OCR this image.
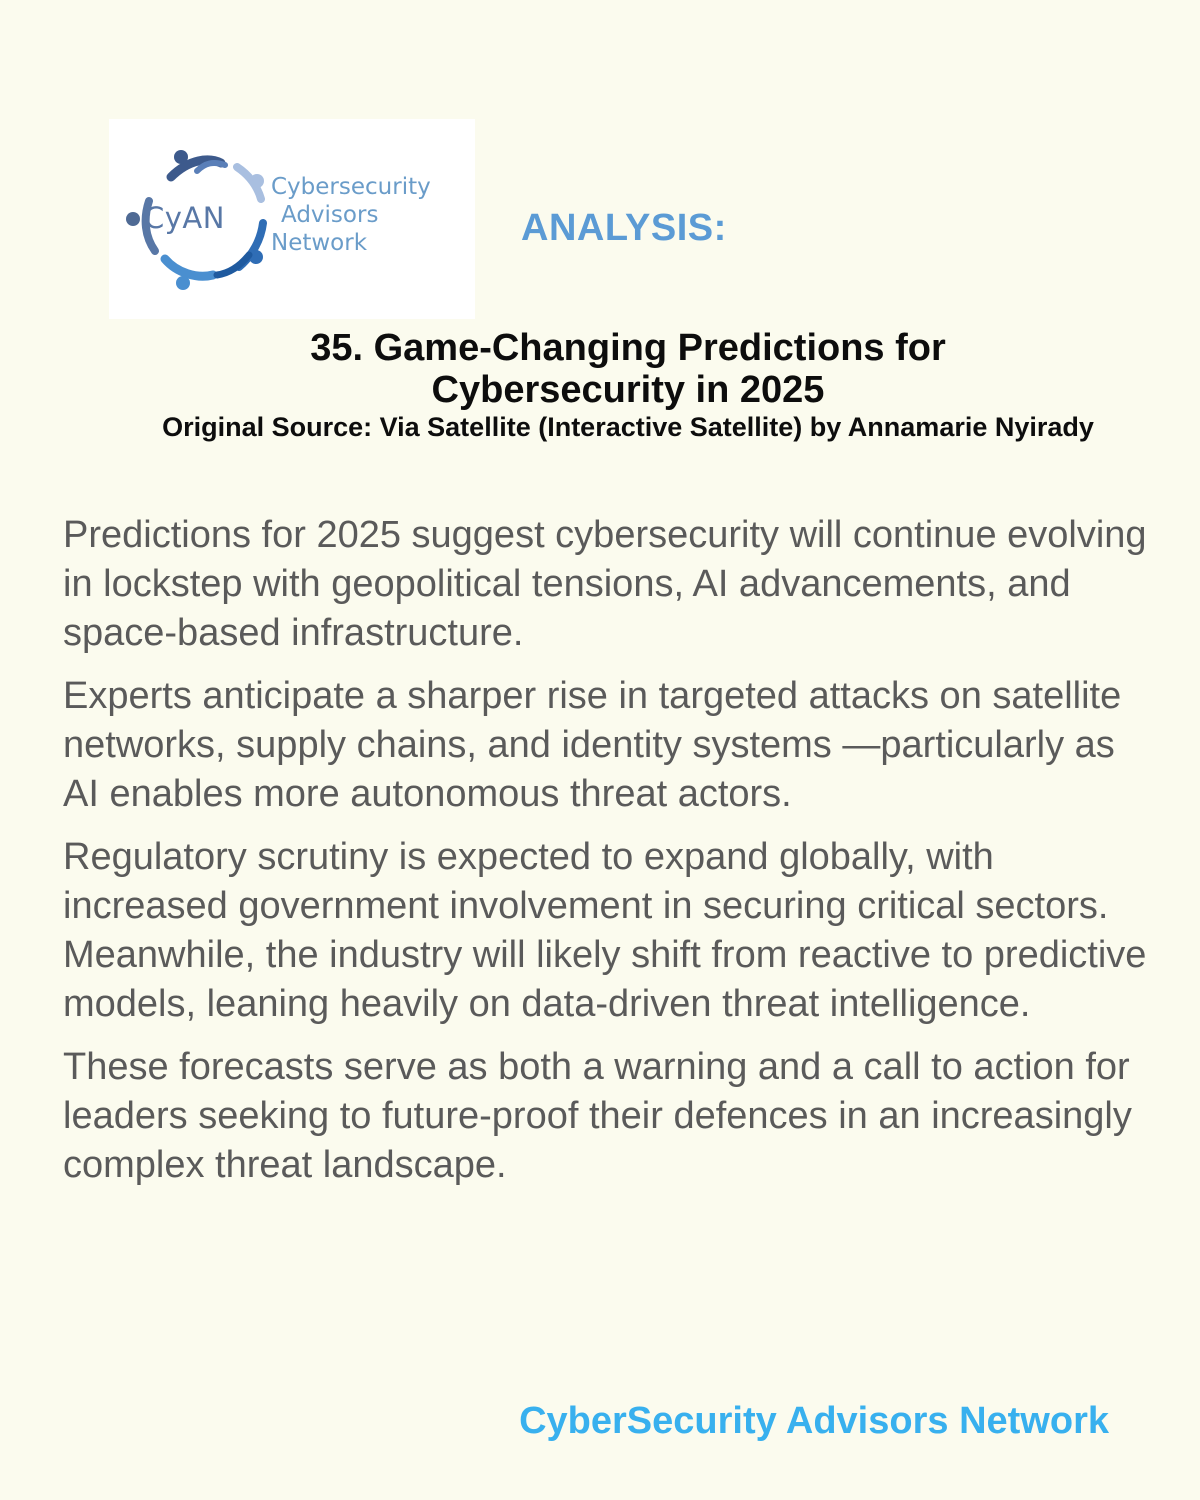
CyAN
Cybersecurity
Advisors
Network	ANALYSIS:
35. Game-Changing Predictions for Cybersecurity in 2025
Original Source: Via Satellite (Interactive Satellite) by Annamarie Nyirady

Predictions for 2025 suggest cybersecurity will continue evolving in lockstep with geopolitical tensions, AI advancements, and space-based infrastructure.

Experts anticipate a sharper rise in targeted attacks on satellite networks, supply chains, and identity systems —particularly as AI enables more autonomous threat actors.

Regulatory scrutiny is expected to expand globally, with increased government involvement in securing critical sectors. Meanwhile, the industry will likely shift from reactive to predictive models, leaning heavily on data-driven threat intelligence.

These forecasts serve as both a warning and a call to action for leaders seeking to future-proof their defences in an increasingly complex threat landscape.

CyberSecurity Advisors Network
